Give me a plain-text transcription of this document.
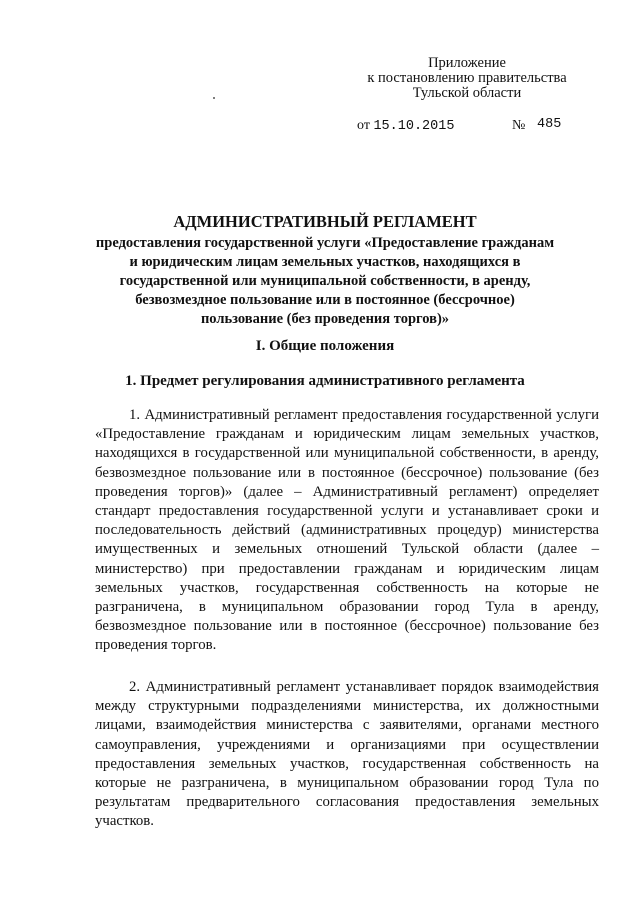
Приложение
к постановлению правительства
Тульской области
от 15.10.2015	№ 485
АДМИНИСТРАТИВНЫЙ РЕГЛАМЕНТ
предоставления государственной услуги «Предоставление гражданам и юридическим лицам земельных участков, находящихся в государственной или муниципальной собственности, в аренду, безвозмездное пользование или в постоянное (бессрочное) пользование (без проведения торгов)»
I. Общие положения
1. Предмет регулирования административного регламента

1. Административный регламент предоставления государственной услуги «Предоставление гражданам и юридическим лицам земельных участков, находящихся в государственной или муниципальной собственности, в аренду, безвозмездное пользование или в постоянное (бессрочное) пользование (без проведения торгов)» (далее – Административный регламент) определяет стандарт предоставления государственной услуги и устанавливает сроки и последовательность действий (административных процедур) министерства имущественных и земельных отношений Тульской области (далее – министерство) при предоставлении гражданам и юридическим лицам земельных участков, государственная собственность на которые не разграничена, в муниципальном образовании город Тула в аренду, безвозмездное пользование или в постоянное (бессрочное) пользование без проведения торгов.

2. Административный регламент устанавливает порядок взаимодействия между структурными подразделениями министерства, их должностными лицами, взаимодействия министерства с заявителями, органами местного самоуправления, учреждениями и организациями при осуществлении предоставления земельных участков, государственная собственность на которые не разграничена, в муниципальном образовании город Тула по результатам предварительного согласования предоставления земельных участков.
